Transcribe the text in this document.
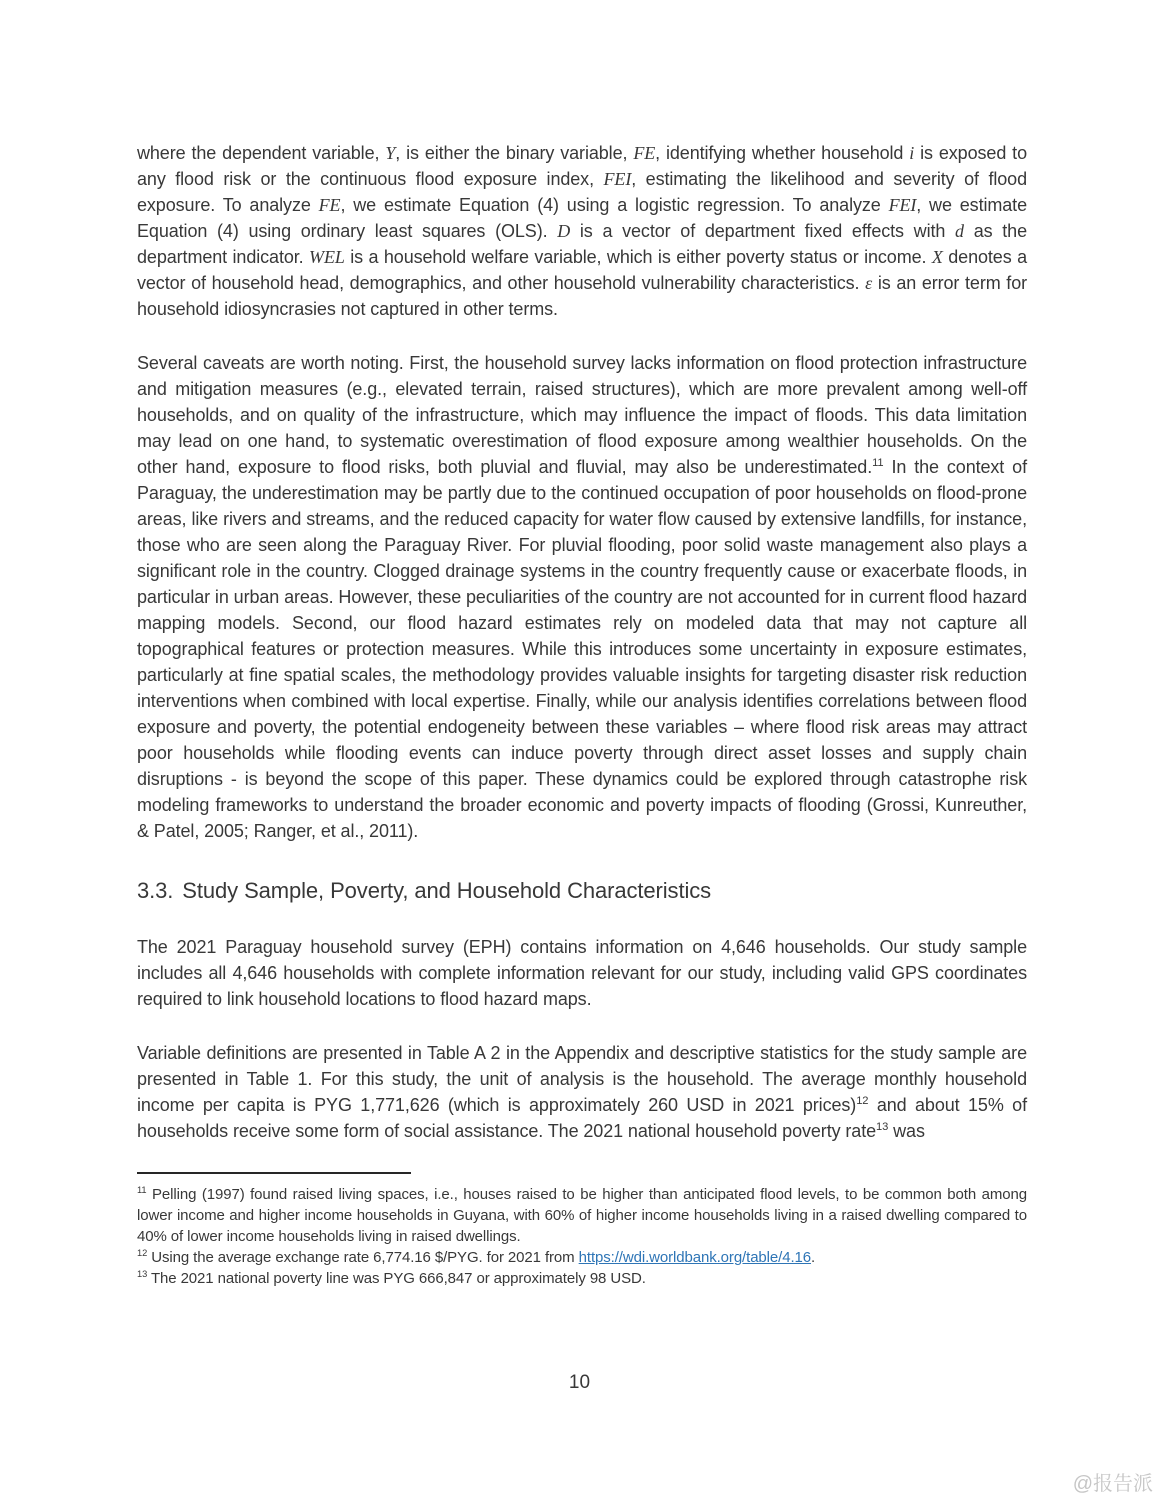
where the dependent variable, Y, is either the binary variable, FE, identifying whether household i is exposed to any flood risk or the continuous flood exposure index, FEI, estimating the likelihood and severity of flood exposure. To analyze FE, we estimate Equation (4) using a logistic regression. To analyze FEI, we estimate Equation (4) using ordinary least squares (OLS). D is a vector of department fixed effects with d as the department indicator. WEL is a household welfare variable, which is either poverty status or income. X denotes a vector of household head, demographics, and other household vulnerability characteristics. ε is an error term for household idiosyncrasies not captured in other terms.

Several caveats are worth noting. First, the household survey lacks information on flood protection infrastructure and mitigation measures (e.g., elevated terrain, raised structures), which are more prevalent among well-off households, and on quality of the infrastructure, which may influence the impact of floods. This data limitation may lead on one hand, to systematic overestimation of flood exposure among wealthier households. On the other hand, exposure to flood risks, both pluvial and fluvial, may also be underestimated.$^{11}$ In the context of Paraguay, the underestimation may be partly due to the continued occupation of poor households on flood-prone areas, like rivers and streams, and the reduced capacity for water flow caused by extensive landfills, for instance, those who are seen along the Paraguay River. For pluvial flooding, poor solid waste management also plays a significant role in the country. Clogged drainage systems in the country frequently cause or exacerbate floods, in particular in urban areas. However, these peculiarities of the country are not accounted for in current flood hazard mapping models. Second, our flood hazard estimates rely on modeled data that may not capture all topographical features or protection measures. While this introduces some uncertainty in exposure estimates, particularly at fine spatial scales, the methodology provides valuable insights for targeting disaster risk reduction interventions when combined with local expertise. Finally, while our analysis identifies correlations between flood exposure and poverty, the potential endogeneity between these variables – where flood risk areas may attract poor households while flooding events can induce poverty through direct asset losses and supply chain disruptions - is beyond the scope of this paper. These dynamics could be explored through catastrophe risk modeling frameworks to understand the broader economic and poverty impacts of flooding (Grossi, Kunreuther, & Patel, 2005; Ranger, et al., 2011).

3.3. Study Sample, Poverty, and Household Characteristics

The 2021 Paraguay household survey (EPH) contains information on 4,646 households. Our study sample includes all 4,646 households with complete information relevant for our study, including valid GPS coordinates required to link household locations to flood hazard maps.

Variable definitions are presented in Table A 2 in the Appendix and descriptive statistics for the study sample are presented in Table 1. For this study, the unit of analysis is the household. The average monthly household income per capita is PYG 1,771,626 (which is approximately 260 USD in 2021 prices)$^{12}$ and about 15% of households receive some form of social assistance. The 2021 national household poverty rate$^{13}$ was

$^{11}$ Pelling (1997) found raised living spaces, i.e., houses raised to be higher than anticipated flood levels, to be common both among lower income and higher income households in Guyana, with 60% of higher income households living in a raised dwelling compared to 40% of lower income households living in raised dwellings.

$^{12}$ Using the average exchange rate 6,774.16 $/PYG. for 2021 from https://wdi.worldbank.org/table/4.16.

$^{13}$ The 2021 national poverty line was PYG 666,847 or approximately 98 USD.

10
@报告派
